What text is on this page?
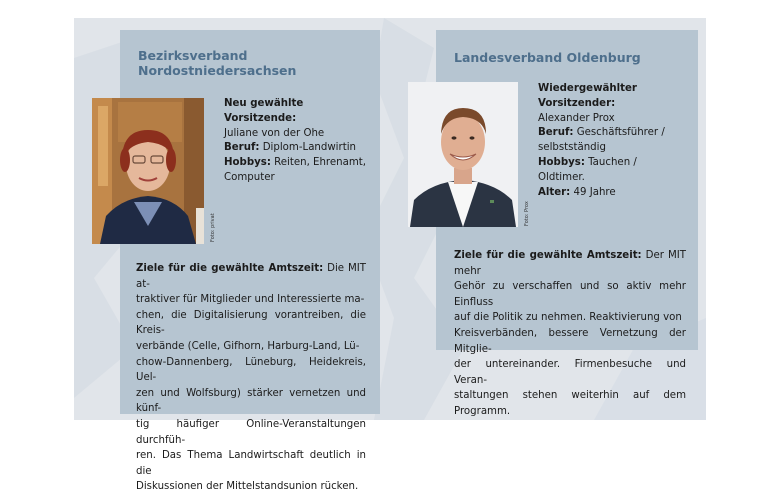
Bezirksverband
Nordostniedersachsen
Foto: privat
Neu gewählte
Vorsitzende:
Juliane von der Ohe
Beruf: Diplom-Landwirtin
Hobbys: Reiten, Ehrenamt,
Computer
Ziele für die gewählte Amtszeit: Die MIT at-
traktiver für Mitglieder und Interessierte ma-
chen, die Digitalisierung vorantreiben, die Kreis-
verbände (Celle, Gifhorn, Harburg-Land, Lü-
chow-Dannenberg, Lüneburg, Heidekreis, Uel-
zen und Wolfsburg) stärker vernetzen und künf-
tig häufiger Online-Veranstaltungen durchfüh-
ren. Das Thema Landwirtschaft deutlich in die
Diskussionen der Mittelstandsunion rücken.
Landesverband Oldenburg
Foto: Prox
Wiedergewählter
Vorsitzender:
Alexander Prox
Beruf: Geschäftsführer /
selbstständig
Hobbys: Tauchen /
Oldtimer.
Alter: 49 Jahre
Ziele für die gewählte Amtszeit: Der MIT mehr
Gehör zu verschaffen und so aktiv mehr Einfluss
auf die Politik zu nehmen. Reaktivierung von
Kreisverbänden, bessere Vernetzung der Mitglie-
der untereinander. Firmenbesuche und Veran-
staltungen stehen weiterhin auf dem Programm.
